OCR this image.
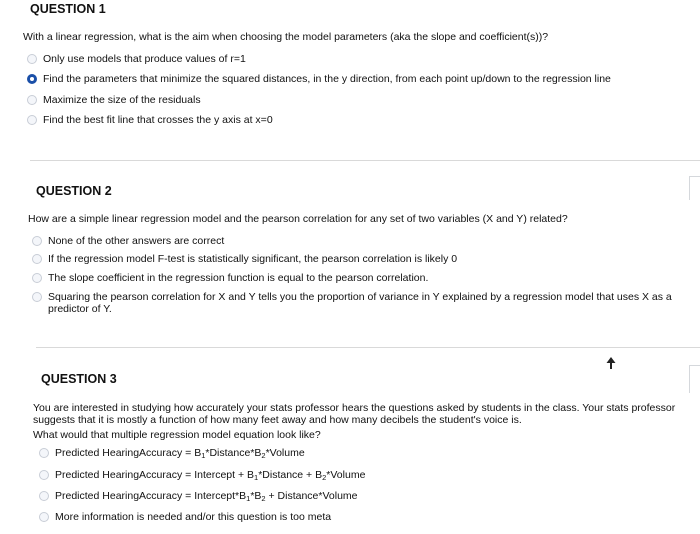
QUESTION 1
With a linear regression, what is the aim when choosing the model parameters (aka the slope and coefficient(s))?
Only use models that produce values of r=1
Find the parameters that minimize the squared distances, in the y direction, from each point up/down to the regression line
Maximize the size of the residuals
Find the best fit line that crosses the y axis at x=0
QUESTION 2
How are a simple linear regression model and the pearson correlation for any set of two variables (X and Y) related?
None of the other answers are correct
If the regression model F-test is statistically significant, the pearson correlation is likely 0
The slope coefficient in the regression function is equal to the pearson correlation.
Squaring the pearson correlation for X and Y tells you the proportion of variance in Y explained by a regression model that uses X as a predictor of Y.
QUESTION 3
You are interested in studying how accurately your stats professor hears the questions asked by students in the class. Your stats professor suggests that it is mostly a function of how many feet away and how many decibels the student's voice is.
What would that multiple regression model equation look like?
Predicted HearingAccuracy = $B_1*Distance*B_2*Volume$
Predicted HearingAccuracy = Intercept + $B_1*Distance$ + $B_2*Volume$
Predicted HearingAccuracy = $Intercept*B_1*B_2$ + Distance*Volume
More information is needed and/or this question is too meta
